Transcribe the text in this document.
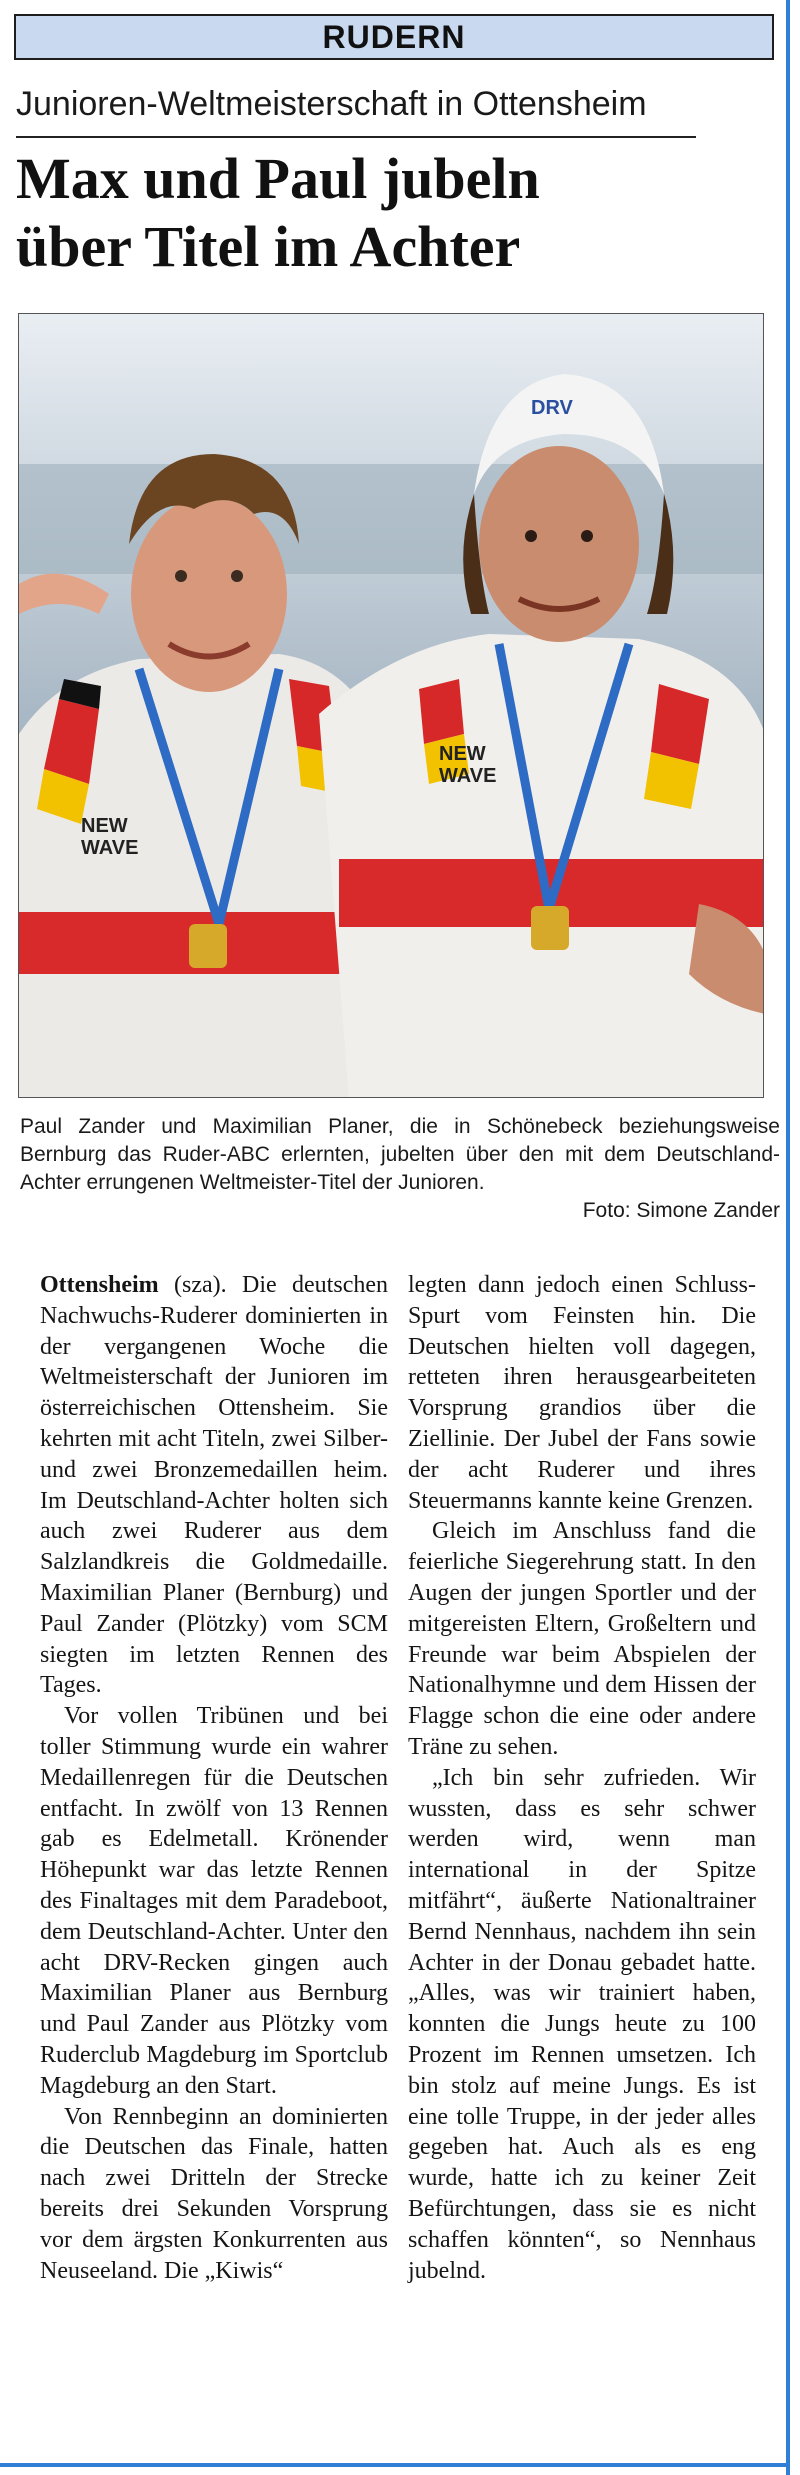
RUDERN
Junioren-Weltmeisterschaft in Ottensheim
Max und Paul jubeln
über Titel im Achter
NEW
WAVE
DRV
NEW
WAVE
Paul Zander und Maximilian Planer, die in Schönebeck beziehungsweise Bernburg das Ruder-ABC erlernten, jubelten über den mit dem Deutschland-Achter errungenen Weltmeister-Titel der Junioren.
Foto: Simone Zander

Ottensheim (sza). Die deutschen Nachwuchs-Ruderer dominierten in der vergangenen Woche die Weltmeisterschaft der Junioren im österreichischen Ottensheim. Sie kehrten mit acht Titeln, zwei Silber- und zwei Bronzemedaillen heim. Im Deutschland-Achter holten sich auch zwei Ruderer aus dem Salzlandkreis die Goldmedaille. Maximilian Planer (Bernburg) und Paul Zander (Plötzky) vom SCM siegten im letzten Rennen des Tages.

Vor vollen Tribünen und bei toller Stimmung wurde ein wahrer Medaillenregen für die Deutschen entfacht. In zwölf von 13 Rennen gab es Edelmetall. Krönender Höhepunkt war das letzte Rennen des Finaltages mit dem Paradeboot, dem Deutschland-Achter. Unter den acht DRV-Recken gingen auch Maximilian Planer aus Bernburg und Paul Zander aus Plötzky vom Ruderclub Magdeburg im Sportclub Magdeburg an den Start.

Von Rennbeginn an dominierten die Deutschen das Finale, hatten nach zwei Dritteln der Strecke bereits drei Sekunden Vorsprung vor dem ärgsten Konkurrenten aus Neuseeland. Die „Kiwis“

legten dann jedoch einen Schluss-Spurt vom Feinsten hin. Die Deutschen hielten voll dagegen, retteten ihren herausgearbeiteten Vorsprung grandios über die Ziellinie. Der Jubel der Fans sowie der acht Ruderer und ihres Steuermanns kannte keine Grenzen.

Gleich im Anschluss fand die feierliche Siegerehrung statt. In den Augen der jungen Sportler und der mitgereisten Eltern, Großeltern und Freunde war beim Abspielen der Nationalhymne und dem Hissen der Flagge schon die eine oder andere Träne zu sehen.

„Ich bin sehr zufrieden. Wir wussten, dass es sehr schwer werden wird, wenn man international in der Spitze mitfährt“, äußerte Nationaltrainer Bernd Nennhaus, nachdem ihn sein Achter in der Donau gebadet hatte. „Alles, was wir trainiert haben, konnten die Jungs heute zu 100 Prozent im Rennen umsetzen. Ich bin stolz auf meine Jungs. Es ist eine tolle Truppe, in der jeder alles gegeben hat. Auch als es eng wurde, hatte ich zu keiner Zeit Befürchtungen, dass sie es nicht schaffen könnten“, so Nennhaus jubelnd.
